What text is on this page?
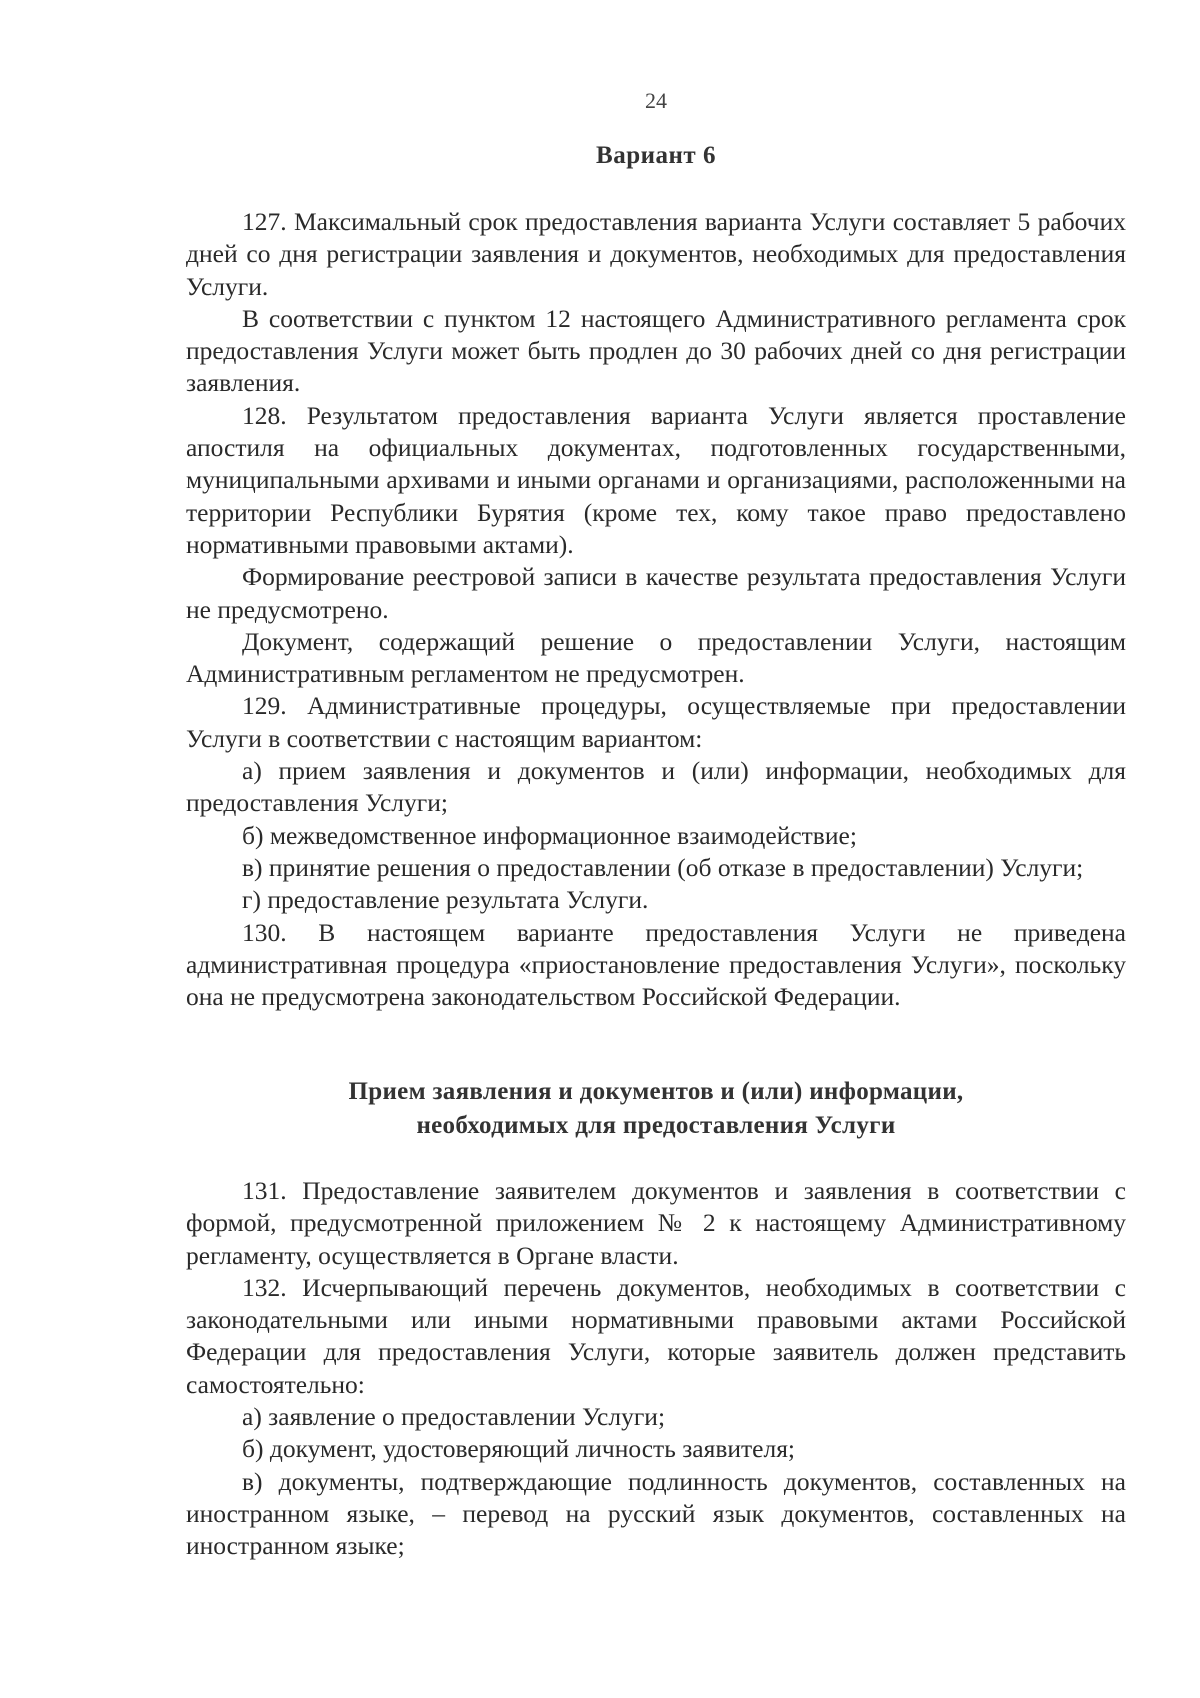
24
Вариант 6

127. Максимальный срок предоставления варианта Услуги составляет 5 рабочих дней со дня регистрации заявления и документов, необходимых для предоставления Услуги.

В соответствии с пунктом 12 настоящего Административного регламента срок предоставления Услуги может быть продлен до 30 рабочих дней со дня регистрации заявления.

128. Результатом предоставления варианта Услуги является проставление апостиля на официальных документах, подготовленных государственными, муниципальными архивами и иными органами и организациями, расположенными на территории Республики Бурятия (кроме тех, кому такое право предоставлено нормативными правовыми актами).

Формирование реестровой записи в качестве результата предоставления Услуги не предусмотрено.

Документ, содержащий решение о предоставлении Услуги, настоящим Административным регламентом не предусмотрен.

129. Административные процедуры, осуществляемые при предоставлении Услуги в соответствии с настоящим вариантом:

а) прием заявления и документов и (или) информации, необходимых для предоставления Услуги;

б) межведомственное информационное взаимодействие;

в) принятие решения о предоставлении (об отказе в предоставлении) Услуги;

г) предоставление результата Услуги.

130. В настоящем варианте предоставления Услуги не приведена административная процедура «приостановление предоставления Услуги», поскольку она не предусмотрена законодательством Российской Федерации.

Прием заявления и документов и (или) информации,
необходимых для предоставления Услуги

131. Предоставление заявителем документов и заявления в соответствии с формой, предусмотренной приложением № 2 к настоящему Административному регламенту, осуществляется в Органе власти.

132. Исчерпывающий перечень документов, необходимых в соответствии с законодательными или иными нормативными правовыми актами Российской Федерации для предоставления Услуги, которые заявитель должен представить самостоятельно:

а) заявление о предоставлении Услуги;

б) документ, удостоверяющий личность заявителя;

в) документы, подтверждающие подлинность документов, составленных на иностранном языке, – перевод на русский язык документов, составленных на иностранном языке;
